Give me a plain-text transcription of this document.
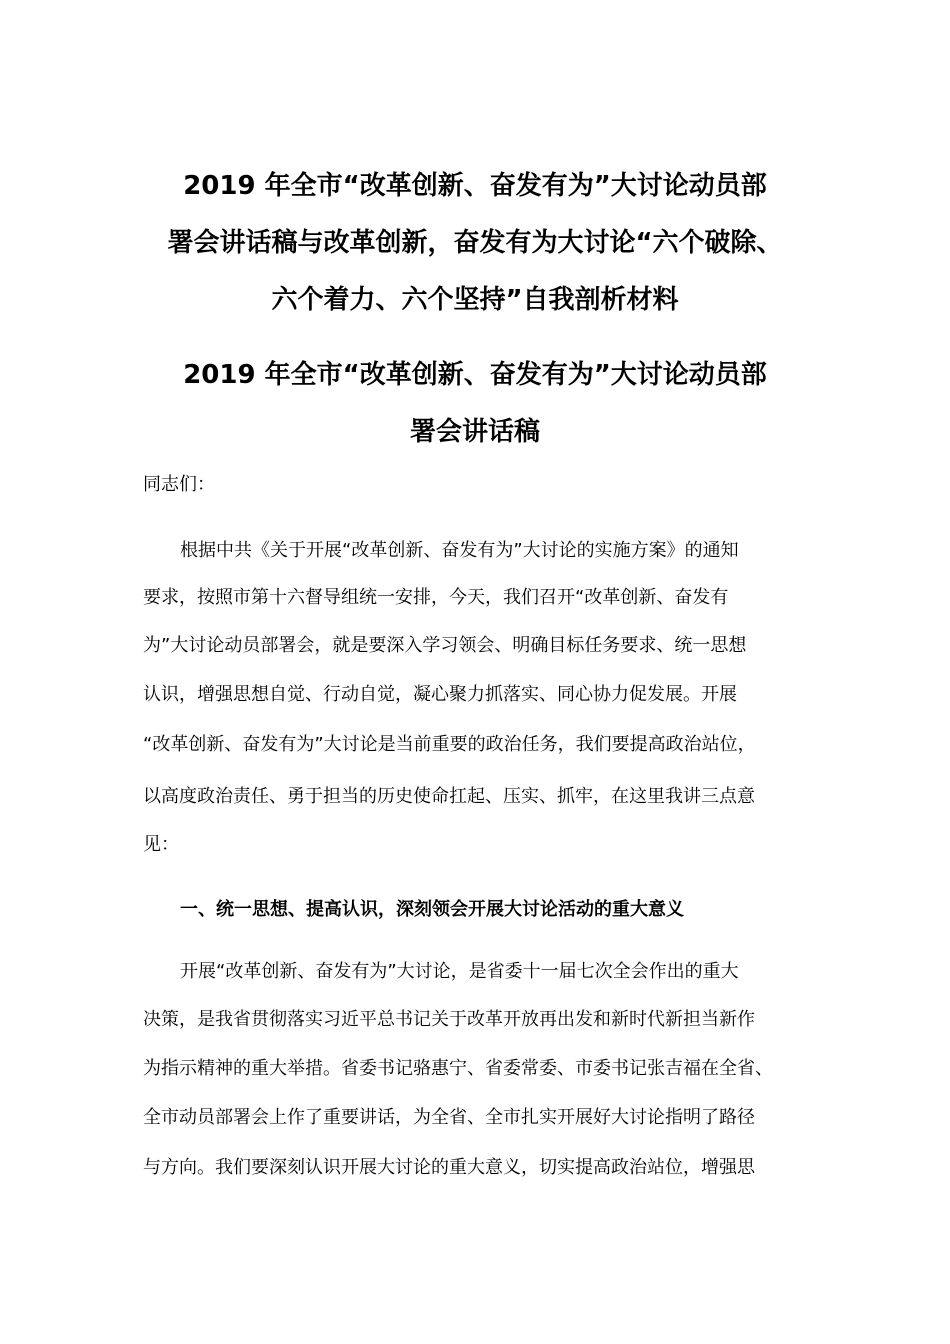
2019 年全市“改革创新、奋发有为”大讨论动员部
署会讲话稿与改革创新，奋发有为大讨论“六个破除、
六个着力、六个坚持”自我剖析材料
2019 年全市“改革创新、奋发有为”大讨论动员部
署会讲话稿
同志们：
根据中共《关于开展“改革创新、奋发有为”大讨论的实施方案》的通知
要求，按照市第十六督导组统一安排，今天，我们召开“改革创新、奋发有
为”大讨论动员部署会，就是要深入学习领会、明确目标任务要求、统一思想
认识，增强思想自觉、行动自觉，凝心聚力抓落实、同心协力促发展。开展
“改革创新、奋发有为”大讨论是当前重要的政治任务，我们要提高政治站位，
以高度政治责任、勇于担当的历史使命扛起、压实、抓牢，在这里我讲三点意
见：
一、统一思想、提高认识，深刻领会开展大讨论活动的重大意义
开展“改革创新、奋发有为”大讨论，是省委十一届七次全会作出的重大
决策，是我省贯彻落实习近平总书记关于改革开放再出发和新时代新担当新作
为指示精神的重大举措。省委书记骆惠宁、省委常委、市委书记张吉福在全省、
全市动员部署会上作了重要讲话，为全省、全市扎实开展好大讨论指明了路径
与方向。我们要深刻认识开展大讨论的重大意义，切实提高政治站位，增强思
